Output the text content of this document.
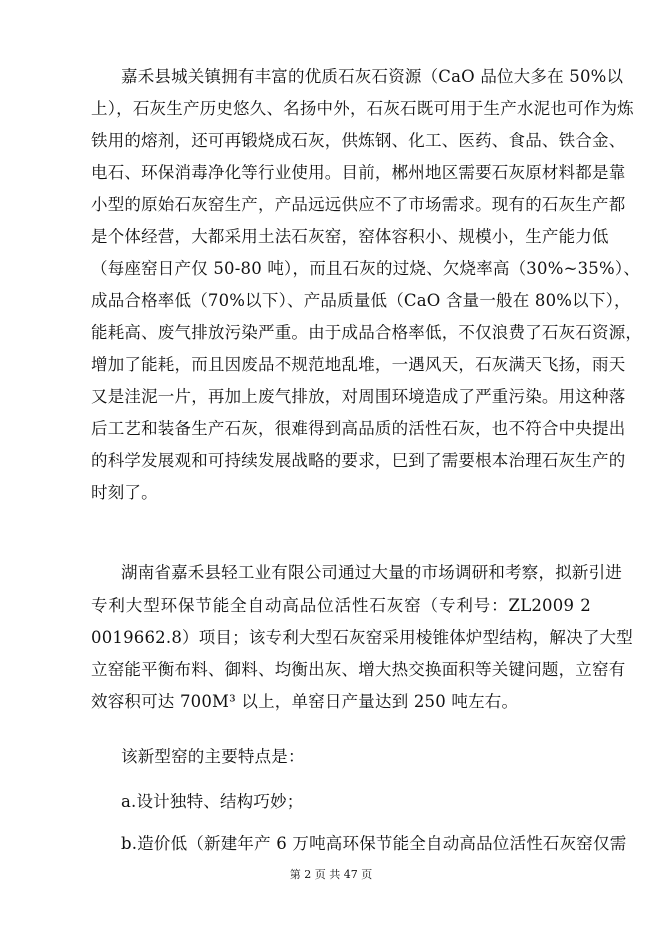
嘉禾县城关镇拥有丰富的优质石灰石资源（CaO 品位大多在 50%以
上），石灰生产历史悠久、名扬中外，石灰石既可用于生产水泥也可作为炼
铁用的熔剂，还可再锻烧成石灰，供炼钢、化工、医药、食品、铁合金、
电石、环保消毒净化等行业使用。目前，郴州地区需要石灰原材料都是靠
小型的原始石灰窑生产，产品远远供应不了市场需求。现有的石灰生产都
是个体经营，大都采用土法石灰窑，窑体容积小、规模小，生产能力低
（每座窑日产仅 50-80 吨），而且石灰的过烧、欠烧率高（30%~35%）、
成品合格率低（70%以下）、产品质量低（CaO 含量一般在 80%以下），
能耗高、废气排放污染严重。由于成品合格率低，不仅浪费了石灰石资源，
增加了能耗，而且因废品不规范地乱堆，一遇风天，石灰满天飞扬，雨天
又是洼泥一片，再加上废气排放，对周围环境造成了严重污染。用这种落
后工艺和装备生产石灰，很难得到高品质的活性石灰，也不符合中央提出
的科学发展观和可持续发展战略的要求，巳到了需要根本治理石灰生产的
时刻了。
湖南省嘉禾县轻工业有限公司通过大量的市场调研和考察，拟新引进
专利大型环保节能全自动高品位活性石灰窑（专利号：ZL2009 2
0019662.8）项目；该专利大型石灰窑采用棱锥体炉型结构，解决了大型
立窑能平衡布料、御料、均衡出灰、增大热交换面积等关键问题，立窑有
效容积可达 700M³ 以上，单窑日产量达到 250 吨左右。
该新型窑的主要特点是：
a.设计独特、结构巧妙；
b.造价低（新建年产 6 万吨高环保节能全自动高品位活性石灰窑仅需
第 2 页 共 47 页
